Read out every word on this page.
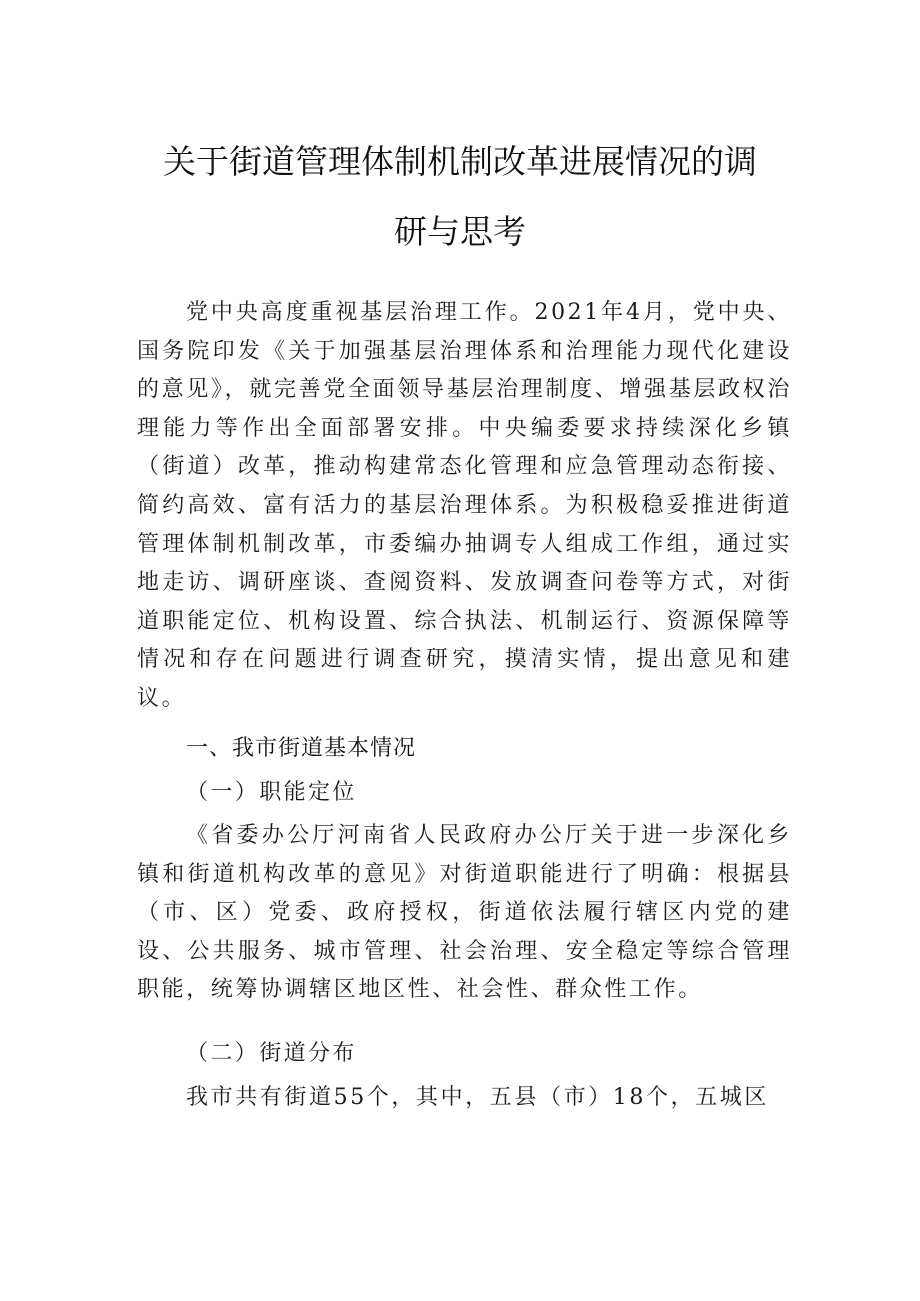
关于街道管理体制机制改革进展情况的调
研与思考

党中央高度重视基层治理工作。2021年4月，党中央、国务院印发《关于加强基层治理体系和治理能力现代化建设的意见》，就完善党全面领导基层治理制度、增强基层政权治理能力等作出全面部署安排。中央编委要求持续深化乡镇（街道）改革，推动构建常态化管理和应急管理动态衔接、简约高效、富有活力的基层治理体系。为积极稳妥推进街道管理体制机制改革，市委编办抽调专人组成工作组，通过实地走访、调研座谈、查阅资料、发放调查问卷等方式，对街道职能定位、机构设置、综合执法、机制运行、资源保障等情况和存在问题进行调查研究，摸清实情，提出意见和建议。

一、我市街道基本情况

（一）职能定位

《省委办公厅河南省人民政府办公厅关于进一步深化乡镇和街道机构改革的意见》对街道职能进行了明确：根据县（市、区）党委、政府授权，街道依法履行辖区内党的建设、公共服务、城市管理、社会治理、安全稳定等综合管理职能，统筹协调辖区地区性、社会性、群众性工作。

（二）街道分布

我市共有街道55个，其中，五县（市）18个，五城区
